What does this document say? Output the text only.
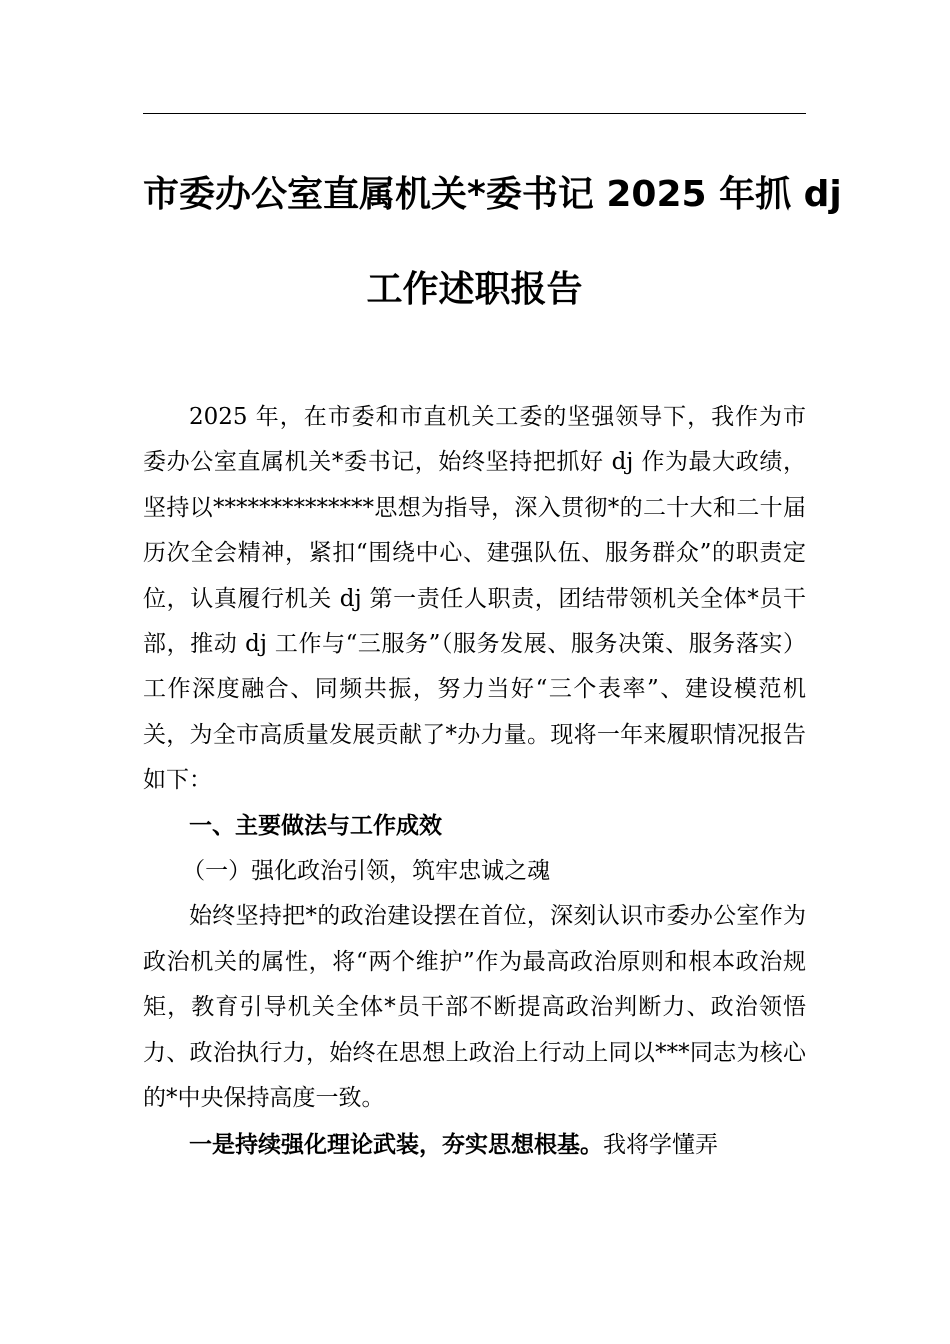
市委办公室直属机关*委书记 2025 年抓 dj
工作述职报告

2025 年，在市委和市直机关工委的坚强领导下，我作为市委办公室直属机关*委书记，始终坚持把抓好 dj 作为最大政绩，坚持以**************思想为指导，深入贯彻*的二十大和二十届历次全会精神，紧扣“围绕中心、建强队伍、服务群众”的职责定位，认真履行机关 dj 第一责任人职责，团结带领机关全体*员干部，推动 dj 工作与“三服务”（服务发展、服务决策、服务落实）工作深度融合、同频共振，努力当好“三个表率”、建设模范机关，为全市高质量发展贡献了*办力量。现将一年来履职情况报告如下：

一、主要做法与工作成效
（一）强化政治引领，筑牢忠诚之魂

始终坚持把*的政治建设摆在首位，深刻认识市委办公室作为政治机关的属性，将“两个维护”作为最高政治原则和根本政治规矩，教育引导机关全体*员干部不断提高政治判断力、政治领悟力、政治执行力，始终在思想上政治上行动上同以***同志为核心的*中央保持高度一致。

一是持续强化理论武装，夯实思想根基。我将学懂弄
